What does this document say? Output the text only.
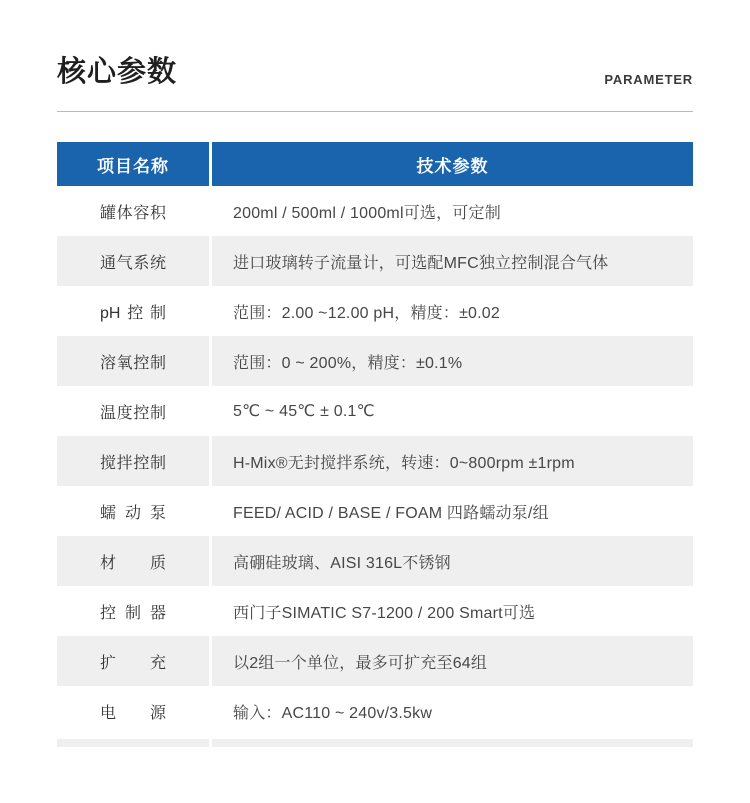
核心参数	PARAMETER
项目名称	技术参数
罐体容积	200ml / 500ml / 1000ml可选，可定制
通气系统	进口玻璃转子流量计，可选配MFC独立控制混合气体
pH控制	范围：2.00 ~12.00 pH，精度：±0.02
溶氧控制	范围：0 ~ 200%，精度：±0.1%
温度控制	5℃ ~ 45℃ ± 0.1℃
搅拌控制	H-Mix®无封搅拌系统，转速：0~800rpm ±1rpm
蠕动泵	FEED/ ACID / BASE / FOAM 四路蠕动泵/组
材质	高硼硅玻璃、AISI 316L不锈钢
控制器	西门子SIMATIC S7-1200 / 200 Smart可选
扩充	以2组一个单位，最多可扩充至64组
电源	输入：AC110 ~ 240v/3.5kw
